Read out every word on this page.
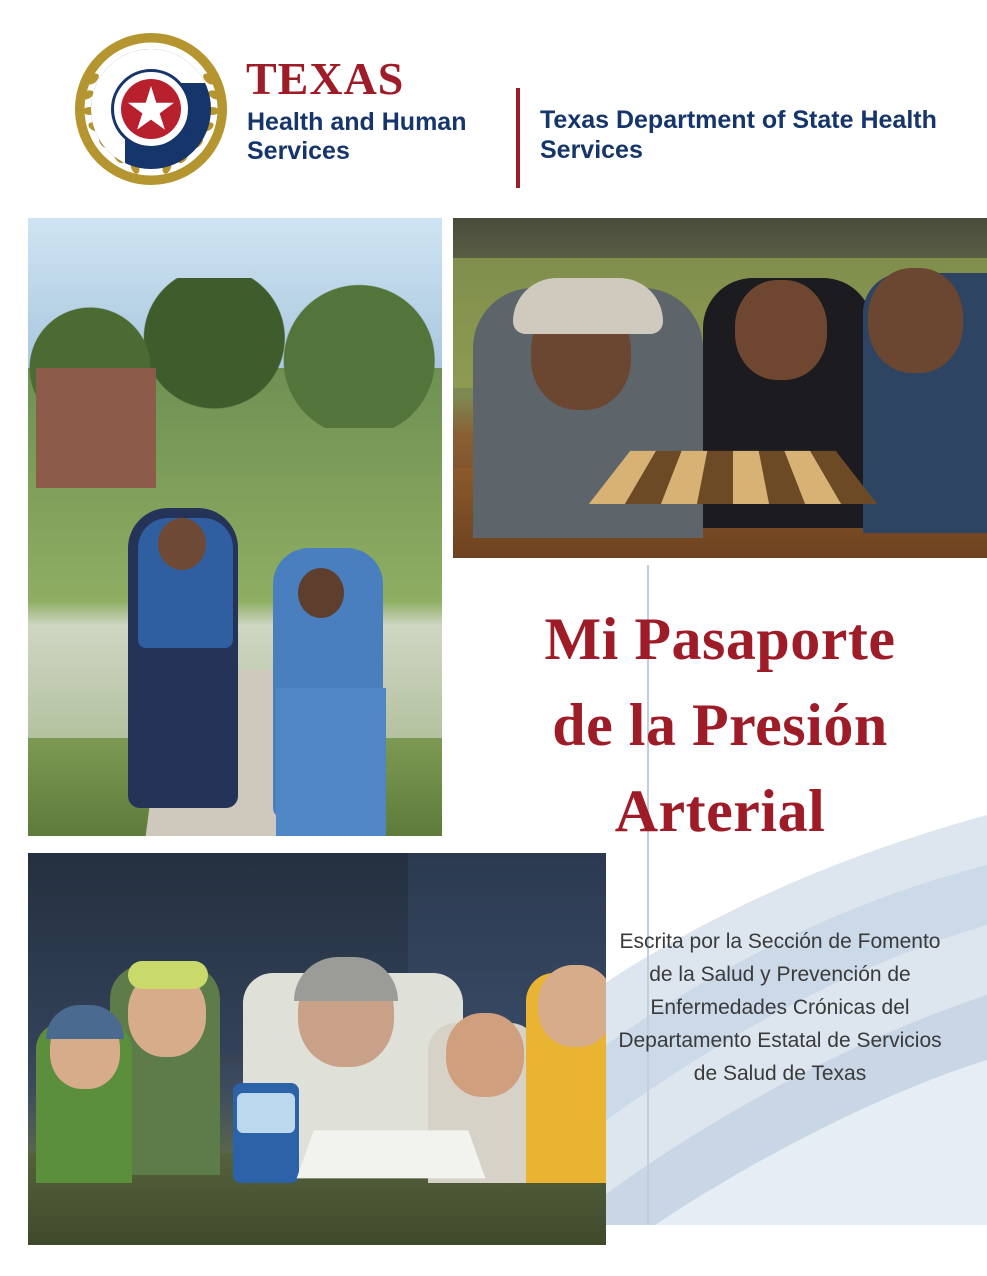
TEXAS
Health and Human Services
Texas Department of State Health Services
Mi Pasaporte
de la Presión
Arterial
Escrita por la Sección de Fomento de la Salud y Prevención de Enfermedades Crónicas del Departamento Estatal de Servicios de Salud de Texas
